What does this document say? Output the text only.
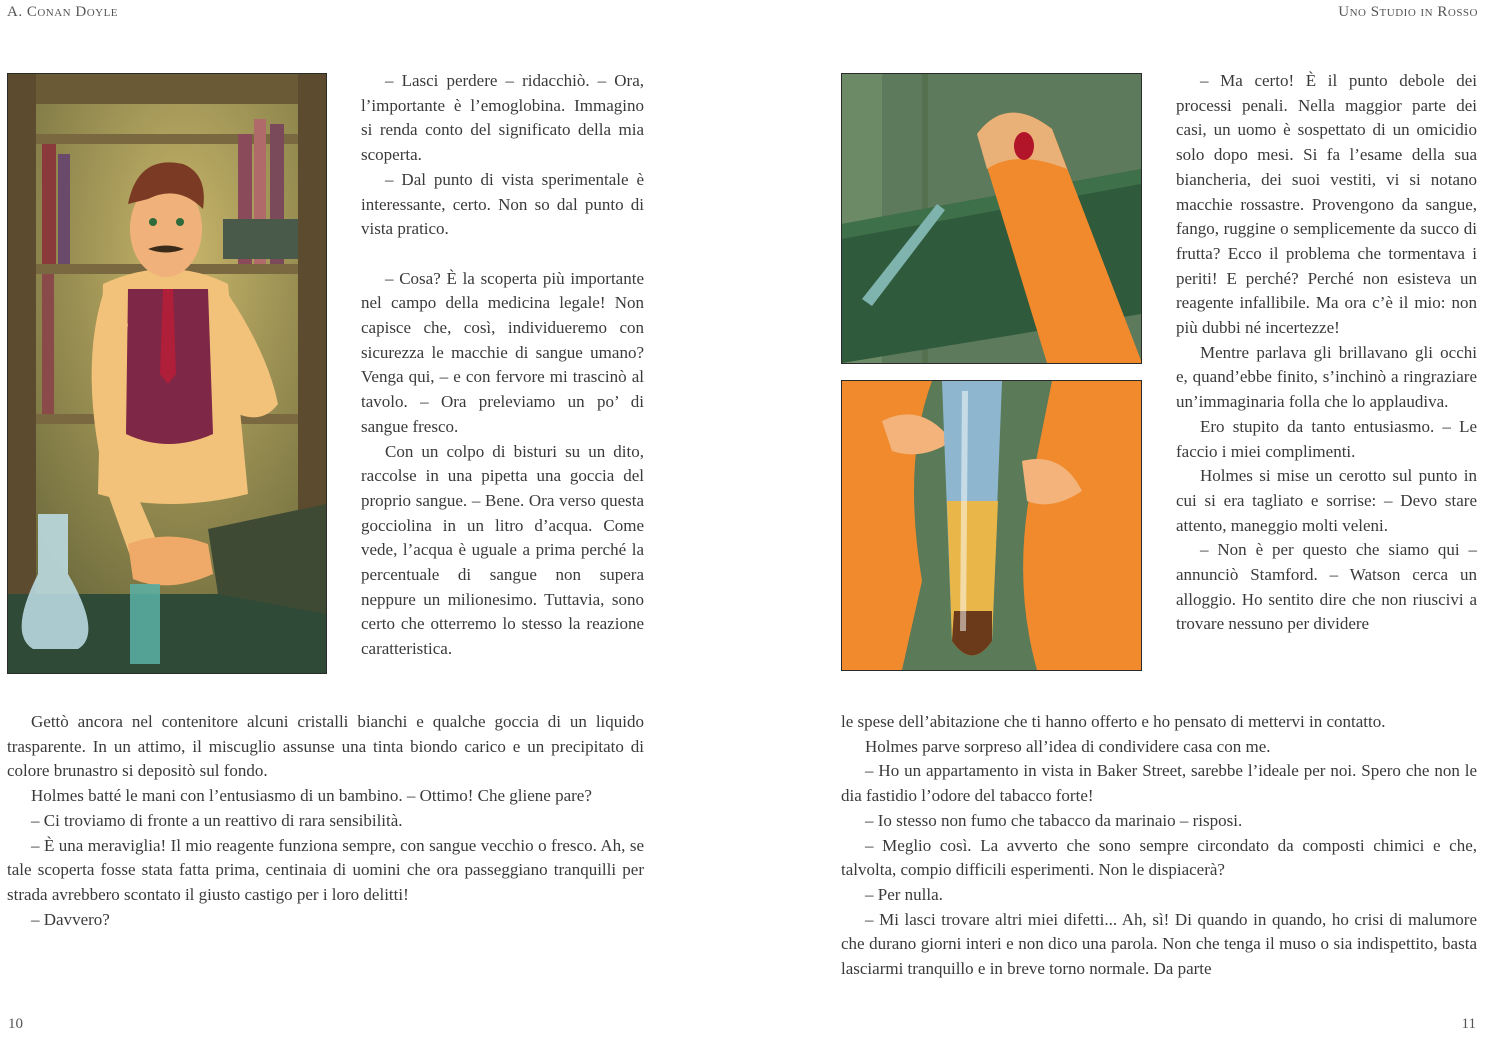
A. Conan Doyle

– Lasci perdere – ridacchiò. – Ora, l’importante è l’emoglobina. Immagino si renda conto del significato della mia scoperta.

– Dal punto di vista sperimentale è interessante, certo. Non so dal punto di vista pratico.

– Cosa? È la scoperta più importante nel campo della medicina legale! Non capisce che, così, individueremo con sicurezza le macchie di sangue umano? Venga qui, – e con fervore mi trascinò al tavolo. – Ora preleviamo un po’ di sangue fresco.

Con un colpo di bisturi su un dito, raccolse in una pipetta una goccia del proprio sangue. – Bene. Ora verso questa gocciolina in un litro d’acqua. Come vede, l’acqua è uguale a prima perché la percentuale di sangue non supera neppure un milionesimo. Tuttavia, sono certo che otterremo lo stesso la reazione caratteristica.

Gettò ancora nel contenitore alcuni cristalli bianchi e qualche goccia di un liquido trasparente. In un attimo, il miscuglio assunse una tinta biondo carico e un precipitato di colore brunastro si depositò sul fondo.

Holmes batté le mani con l’entusiasmo di un bambino. – Ottimo! Che gliene pare?

– Ci troviamo di fronte a un reattivo di rara sensibilità.

– È una meraviglia! Il mio reagente funziona sempre, con sangue vecchio o fresco. Ah, se tale scoperta fosse stata fatta prima, centinaia di uomini che ora passeggiano tranquilli per strada avrebbero scontato il giusto castigo per i loro delitti!

– Davvero?

10
Uno Studio in Rosso

– Ma certo! È il punto debole dei processi penali. Nella maggior parte dei casi, un uomo è sospettato di un omicidio solo dopo mesi. Si fa l’esame della sua biancheria, dei suoi vestiti, vi si notano macchie rossastre. Provengono da sangue, fango, ruggine o semplicemente da succo di frutta? Ecco il problema che tormentava i periti! E perché? Perché non esisteva un reagente infallibile. Ma ora c’è il mio: non più dubbi né incertezze!

Mentre parlava gli brillavano gli occhi e, quand’ebbe finito, s’inchinò a ringraziare un’immaginaria folla che lo applaudiva.

Ero stupito da tanto entusiasmo. – Le faccio i miei complimenti.

Holmes si mise un cerotto sul punto in cui si era tagliato e sorrise: – Devo stare attento, maneggio molti veleni.

– Non è per questo che siamo qui – annunciò Stamford. – Watson cerca un alloggio. Ho sentito dire che non riuscivi a trovare nessuno per dividere

le spese dell’abitazione che ti hanno offerto e ho pensato di mettervi in contatto.

Holmes parve sorpreso all’idea di condividere casa con me.

– Ho un appartamento in vista in Baker Street, sarebbe l’ideale per noi. Spero che non le dia fastidio l’odore del tabacco forte!

– Io stesso non fumo che tabacco da marinaio – risposi.

– Meglio così. La avverto che sono sempre circondato da composti chimici e che, talvolta, compio difficili esperimenti. Non le dispiacerà?

– Per nulla.

– Mi lasci trovare altri miei difetti... Ah, sì! Di quando in quando, ho crisi di malumore che durano giorni interi e non dico una parola. Non che tenga il muso o sia indispettito, basta lasciarmi tranquillo e in breve torno normale. Da parte

11
